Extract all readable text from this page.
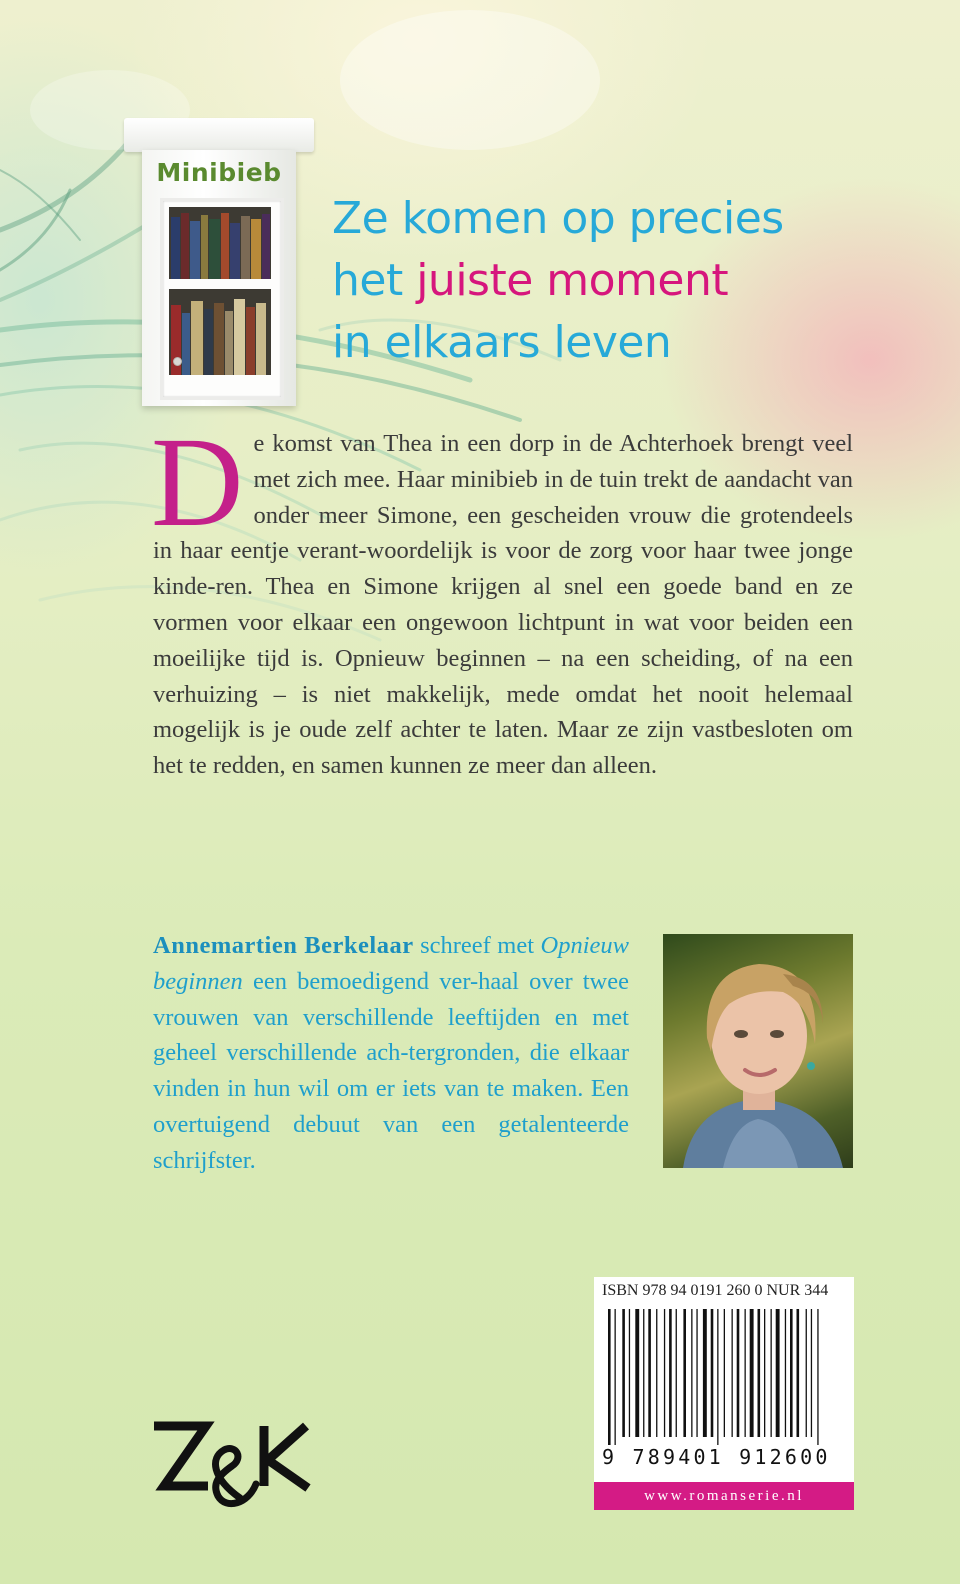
Minibieb
Ze komen op precies
het juiste moment
in elkaars leven
De komst van Thea in een dorp in de Achterhoek brengt veel met zich mee. Haar minibieb in de tuin trekt de aandacht van onder meer Simone, een gescheiden vrouw die grotendeels in haar eentje verant-woordelijk is voor de zorg voor haar twee jonge kinde-ren. Thea en Simone krijgen al snel een goede band en ze vormen voor elkaar een ongewoon lichtpunt in wat voor beiden een moeilijke tijd is. Opnieuw beginnen – na een scheiding, of na een verhuizing – is niet makkelijk, mede omdat het nooit helemaal mogelijk is je oude zelf achter te laten. Maar ze zijn vastbesloten om het te redden, en samen kunnen ze meer dan alleen.
Annemartien Berkelaar schreef met Opnieuw beginnen een bemoedigend ver-haal over twee vrouwen van verschillende leeftijden en met geheel verschillende ach-tergronden, die elkaar vinden in hun wil om er iets van te maken. Een overtuigend debuut van een getalenteerde schrijfster.
ISBN 978 94 0191 260 0 NUR 344
9 789401 912600
www.romanserie.nl
